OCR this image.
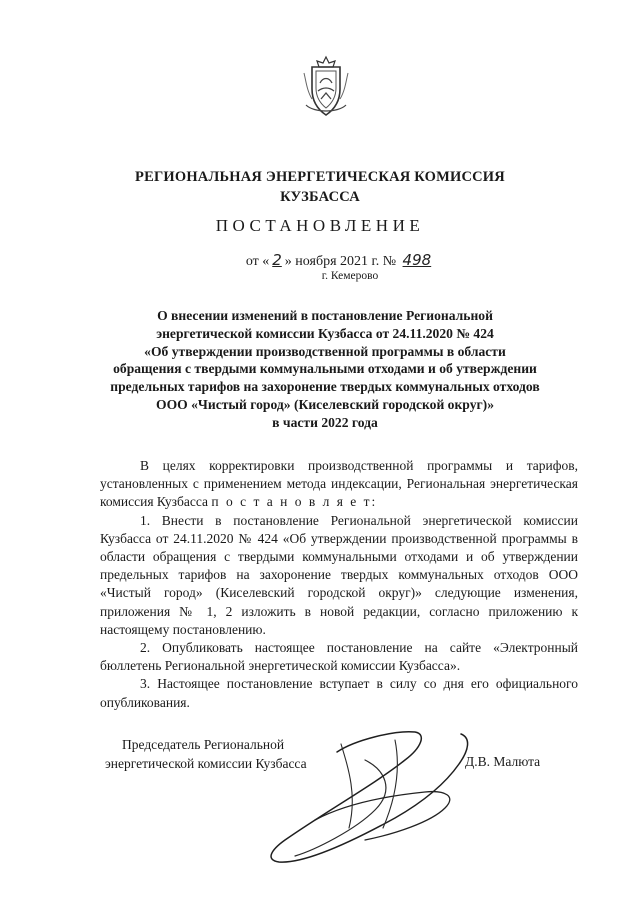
РЕГИОНАЛЬНАЯ ЭНЕРГЕТИЧЕСКАЯ КОМИССИЯ
КУЗБАССА
ПОСТАНОВЛЕНИЕ
от « 2 » ноября 2021 г. № 498
г. Кемерово
О внесении изменений в постановление Региональной
энергетической комиссии Кузбасса от 24.11.2020 № 424
«Об утверждении производственной программы в области
обращения с твердыми коммунальными отходами и об утверждении
предельных тарифов на захоронение твердых коммунальных отходов
ООО «Чистый город» (Киселевский городской округ)»
в части 2022 года

В целях корректировки производственной программы и тарифов, установленных с применением метода индексации, Региональная энергетическая комиссия Кузбасса п о с т а н о в л я е т:

1. Внести в постановление Региональной энергетической комиссии Кузбасса от 24.11.2020 № 424 «Об утверждении производственной программы в области обращения с твердыми коммунальными отходами и об утверждении предельных тарифов на захоронение твердых коммунальных отходов ООО «Чистый город» (Киселевский городской округ)» следующие изменения, приложения № 1, 2 изложить в новой редакции, согласно приложению к настоящему постановлению.

2. Опубликовать настоящее постановление на сайте «Электронный бюллетень Региональной энергетической комиссии Кузбасса».

3. Настоящее постановление вступает в силу со дня его официального опубликования.

Председатель Региональной
энергетической комиссии Кузбасса	Д.В. Малюта
